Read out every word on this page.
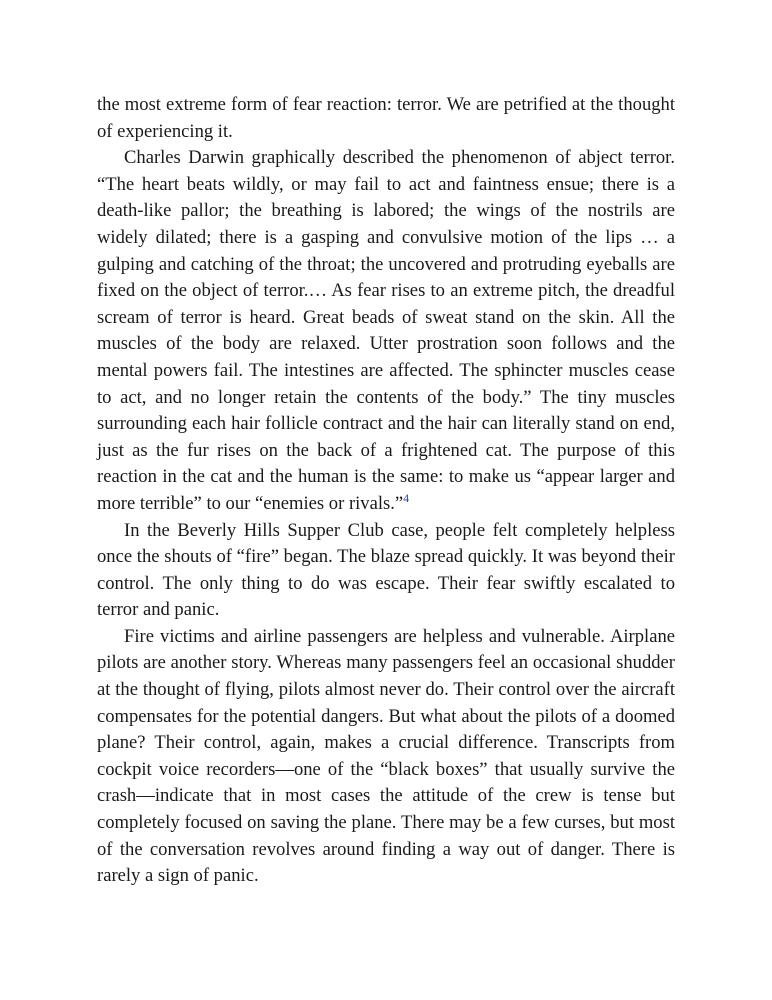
the most extreme form of fear reaction: terror. We are petrified at the thought of experiencing it.

Charles Darwin graphically described the phenomenon of abject terror. “The heart beats wildly, or may fail to act and faintness ensue; there is a death-like pallor; the breathing is labored; the wings of the nostrils are widely dilated; there is a gasping and convulsive motion of the lips … a gulping and catching of the throat; the uncovered and protruding eyeballs are fixed on the object of terror.… As fear rises to an extreme pitch, the dreadful scream of terror is heard. Great beads of sweat stand on the skin. All the muscles of the body are relaxed. Utter prostration soon follows and the mental powers fail. The intestines are affected. The sphincter muscles cease to act, and no longer retain the contents of the body.” The tiny muscles surrounding each hair follicle contract and the hair can literally stand on end, just as the fur rises on the back of a frightened cat. The purpose of this reaction in the cat and the human is the same: to make us “appear larger and more terrible” to our “enemies or rivals.”$^4$

In the Beverly Hills Supper Club case, people felt completely helpless once the shouts of “fire” began. The blaze spread quickly. It was beyond their control. The only thing to do was escape. Their fear swiftly escalated to terror and panic.

Fire victims and airline passengers are helpless and vulnerable. Airplane pilots are another story. Whereas many passengers feel an occasional shudder at the thought of flying, pilots almost never do. Their control over the aircraft compensates for the potential dangers. But what about the pilots of a doomed plane? Their control, again, makes a crucial difference. Transcripts from cockpit voice recorders—one of the “black boxes” that usually survive the crash—indicate that in most cases the attitude of the crew is tense but completely focused on saving the plane. There may be a few curses, but most of the conversation revolves around finding a way out of danger. There is rarely a sign of panic.
